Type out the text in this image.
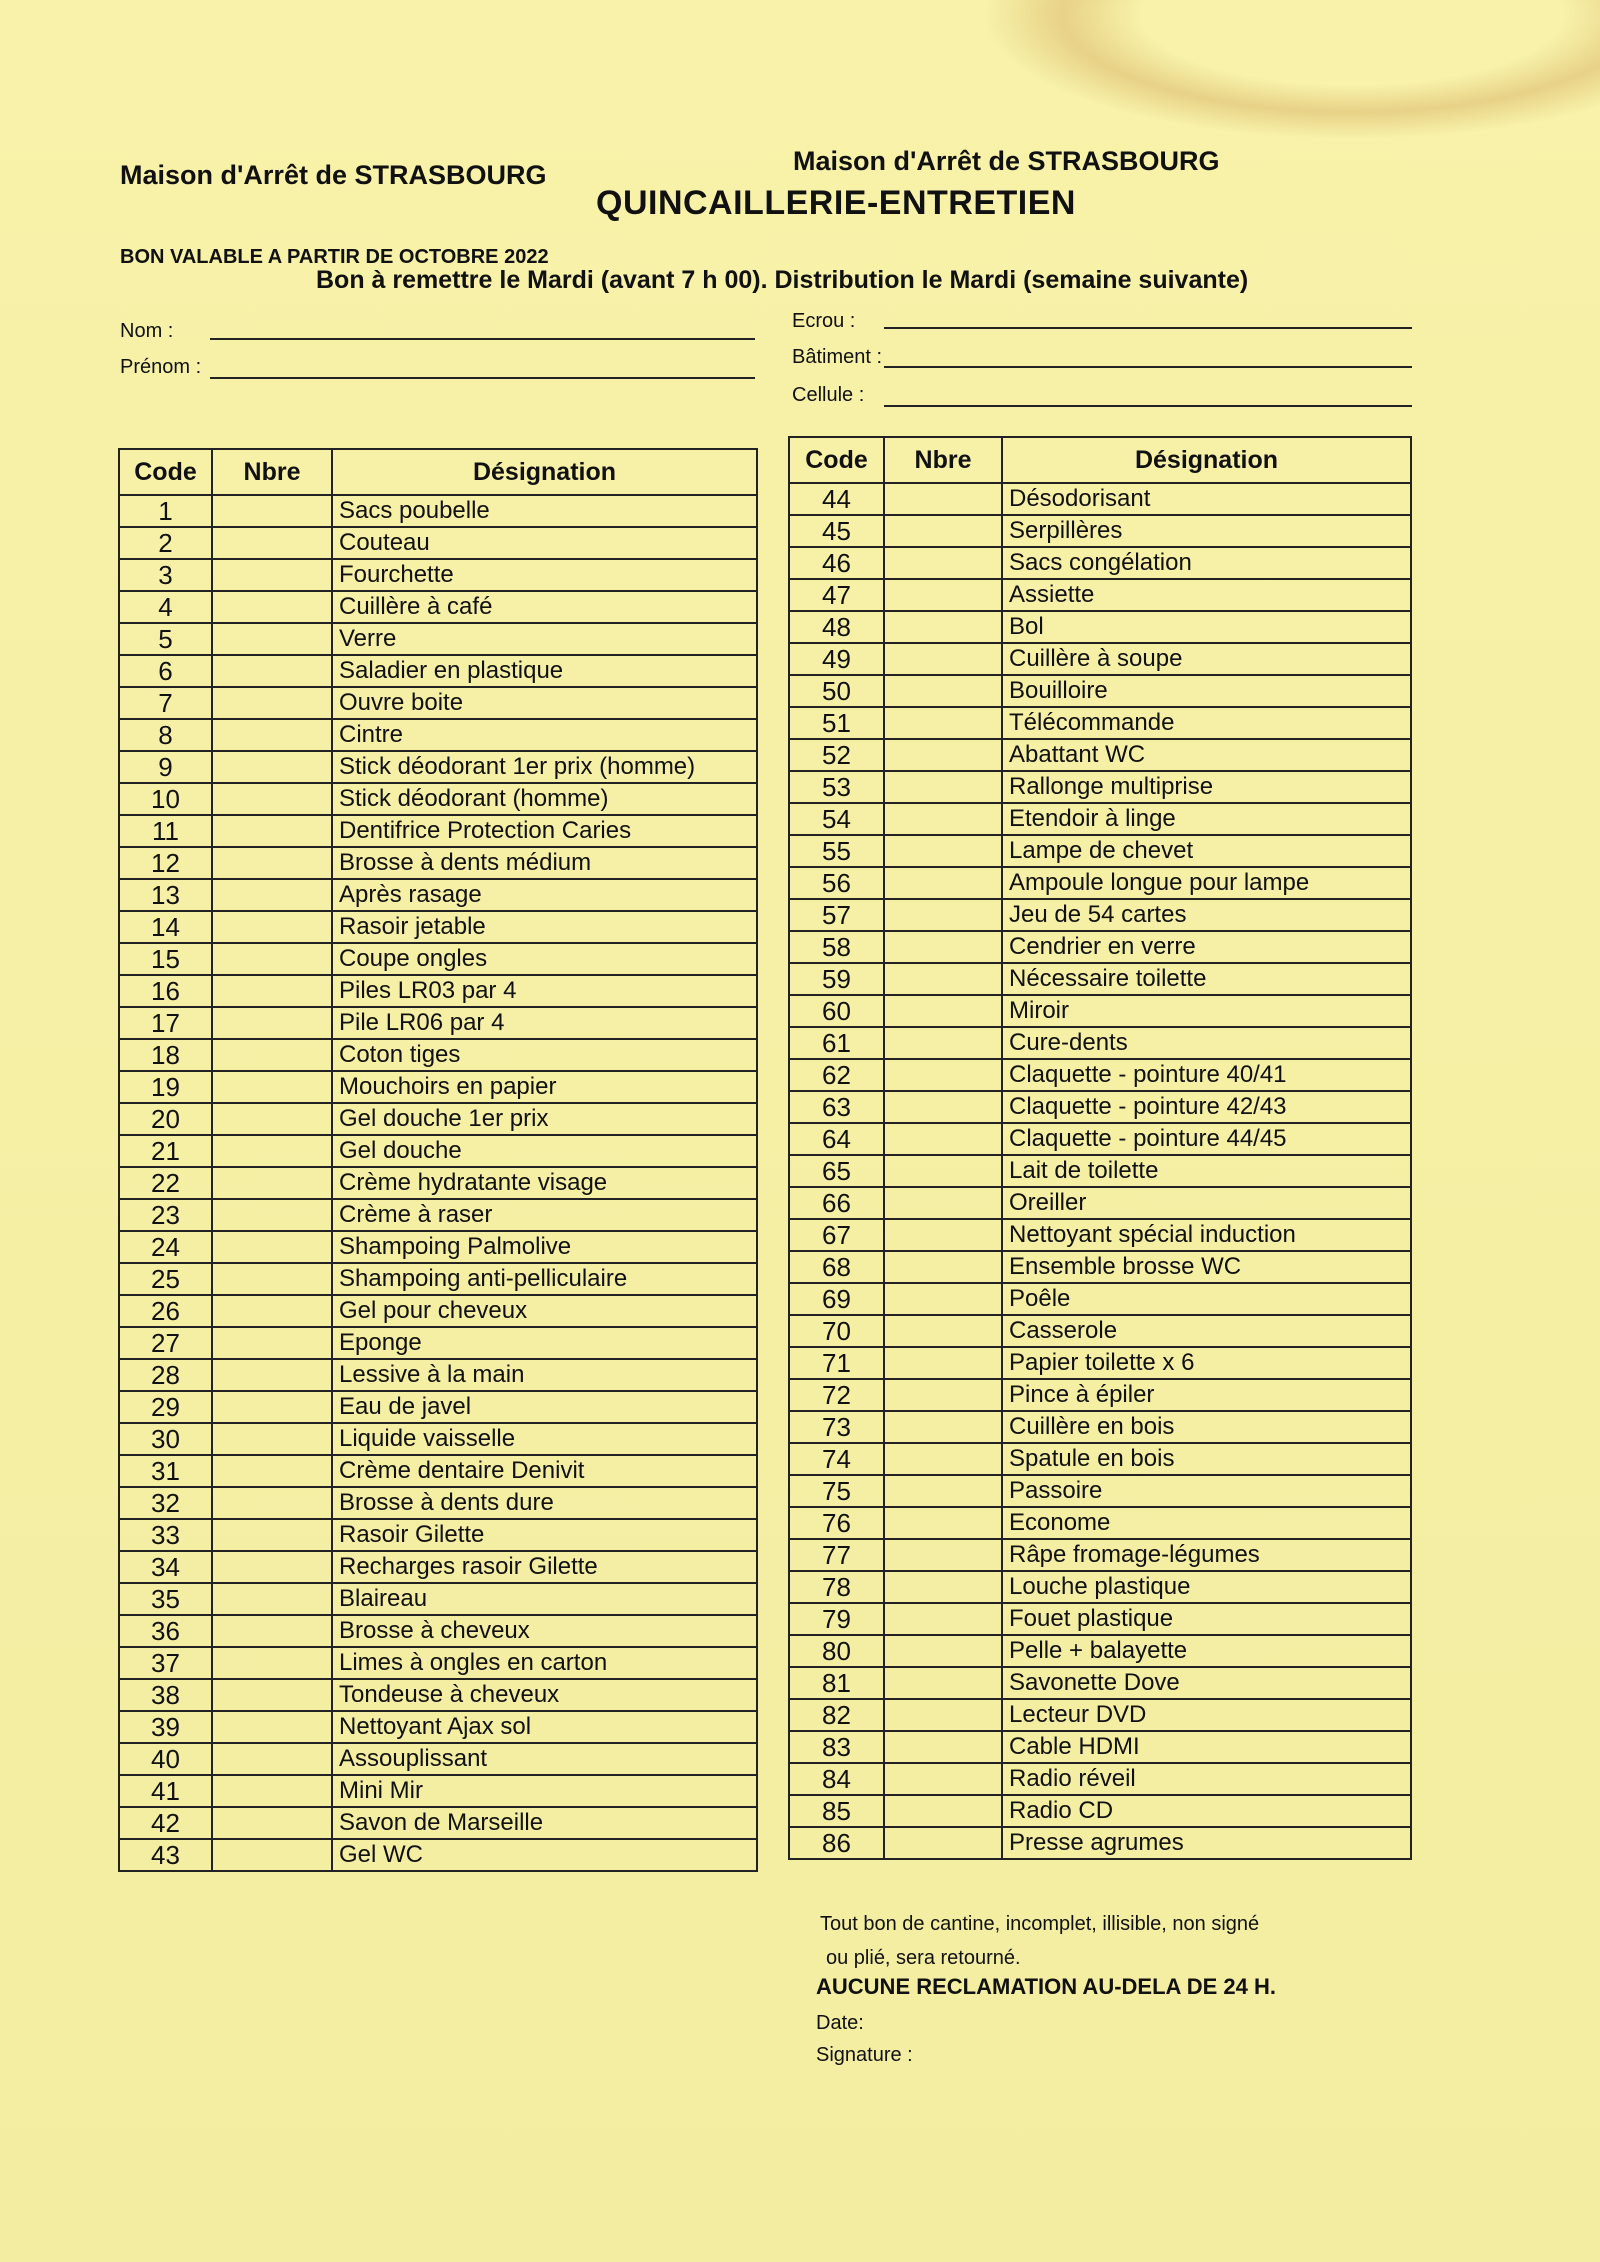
Maison d'Arrêt de STRASBOURG	Maison d'Arrêt de STRASBOURG
QUINCAILLERIE-ENTRETIEN
BON VALABLE A PARTIR DE OCTOBRE 2022
Bon à remettre le Mardi (avant 7 h 00). Distribution le Mardi (semaine suivante)
Nom :
Prénom :
Ecrou :
Bâtiment :
Cellule :
Code	Nbre	Désignation
1		Sacs poubelle
2		Couteau
3		Fourchette
4		Cuillère à café
5		Verre
6		Saladier en plastique
7		Ouvre boite
8		Cintre
9		Stick déodorant 1er prix (homme)
10		Stick déodorant (homme)
11		Dentifrice Protection Caries
12		Brosse à dents médium
13		Après rasage
14		Rasoir jetable
15		Coupe ongles
16		Piles LR03 par 4
17		Pile LR06 par 4
18		Coton tiges
19		Mouchoirs en papier
20		Gel douche 1er prix
21		Gel douche
22		Crème hydratante visage
23		Crème à raser
24		Shampoing Palmolive
25		Shampoing anti-pelliculaire
26		Gel pour cheveux
27		Eponge
28		Lessive à la main
29		Eau de javel
30		Liquide vaisselle
31		Crème dentaire Denivit
32		Brosse à dents dure
33		Rasoir Gilette
34		Recharges rasoir Gilette
35		Blaireau
36		Brosse à cheveux
37		Limes à ongles en carton
38		Tondeuse à cheveux
39		Nettoyant Ajax sol
40		Assouplissant
41		Mini Mir
42		Savon de Marseille
43		Gel WC
Code	Nbre	Désignation
44		Désodorisant
45		Serpillères
46		Sacs congélation
47		Assiette
48		Bol
49		Cuillère à soupe
50		Bouilloire
51		Télécommande
52		Abattant WC
53		Rallonge multiprise
54		Etendoir à linge
55		Lampe de chevet
56		Ampoule longue pour lampe
57		Jeu de 54 cartes
58		Cendrier en verre
59		Nécessaire toilette
60		Miroir
61		Cure-dents
62		Claquette - pointure 40/41
63		Claquette - pointure 42/43
64		Claquette - pointure 44/45
65		Lait de toilette
66		Oreiller
67		Nettoyant spécial induction
68		Ensemble brosse WC
69		Poêle
70		Casserole
71		Papier toilette x 6
72		Pince à épiler
73		Cuillère en bois
74		Spatule en bois
75		Passoire
76		Econome
77		Râpe fromage-légumes
78		Louche plastique
79		Fouet plastique
80		Pelle + balayette
81		Savonette Dove
82		Lecteur DVD
83		Cable HDMI
84		Radio réveil
85		Radio CD
86		Presse agrumes
Tout bon de cantine, incomplet, illisible, non signé
ou plié, sera retourné.
AUCUNE RECLAMATION AU-DELA DE 24 H.
Date:
Signature :
